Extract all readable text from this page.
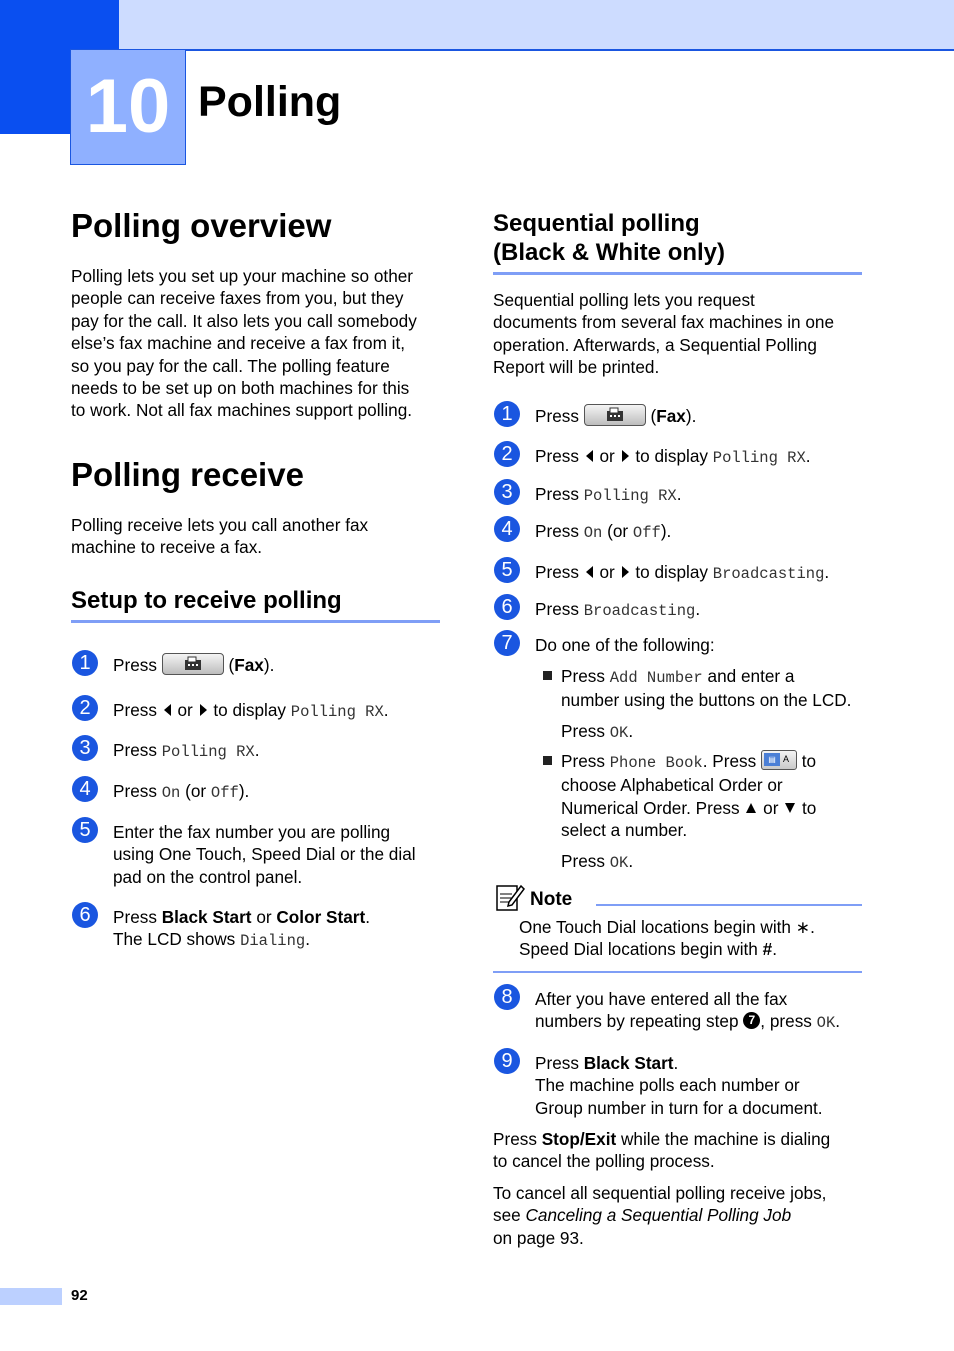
10 Polling
Polling overview
Polling lets you set up your machine so other
people can receive faxes from you, but they
pay for the call. It also lets you call somebody
else’s fax machine and receive a fax from it,
so you pay for the call. The polling feature
needs to be set up on both machines for this
to work. Not all fax machines support polling.
Polling receive
Polling receive lets you call another fax
machine to receive a fax.
Setup to receive polling
1	Press	(Fax).
2	Press or to display Polling RX.
3	Press Polling RX.
4	Press On (or Off).
5	Enter the fax number you are polling
using One Touch, Speed Dial or the dial
pad on the control panel.
6	Press Black Start or Color Start.
The LCD shows Dialing.
Sequential polling
(Black & White only)
Sequential polling lets you request
documents from several fax machines in one
operation. Afterwards, a Sequential Polling
Report will be printed.
1	Press	(Fax).
2	Press or to display Polling RX.
3	Press Polling RX.
4	Press On (or Off).
5	Press or to display Broadcasting.
6	Press Broadcasting.
7	Do one of the following:
Press Add Number and enter a
number using the buttons on the LCD.
Press OK.
Press Phone Book. Press	▤ A to
choose Alphabetical Order or
Numerical Order. Press or to
select a number.
Press OK.
Note
One Touch Dial locations begin with ∗.
Speed Dial locations begin with #.
8	After you have entered all the fax
numbers by repeating step 7 , press OK.
9	Press Black Start.
The machine polls each number or
Group number in turn for a document.
Press Stop/Exit while the machine is dialing
to cancel the polling process.
To cancel all sequential polling receive jobs,
see Canceling a Sequential Polling Job
on page 93.
92
